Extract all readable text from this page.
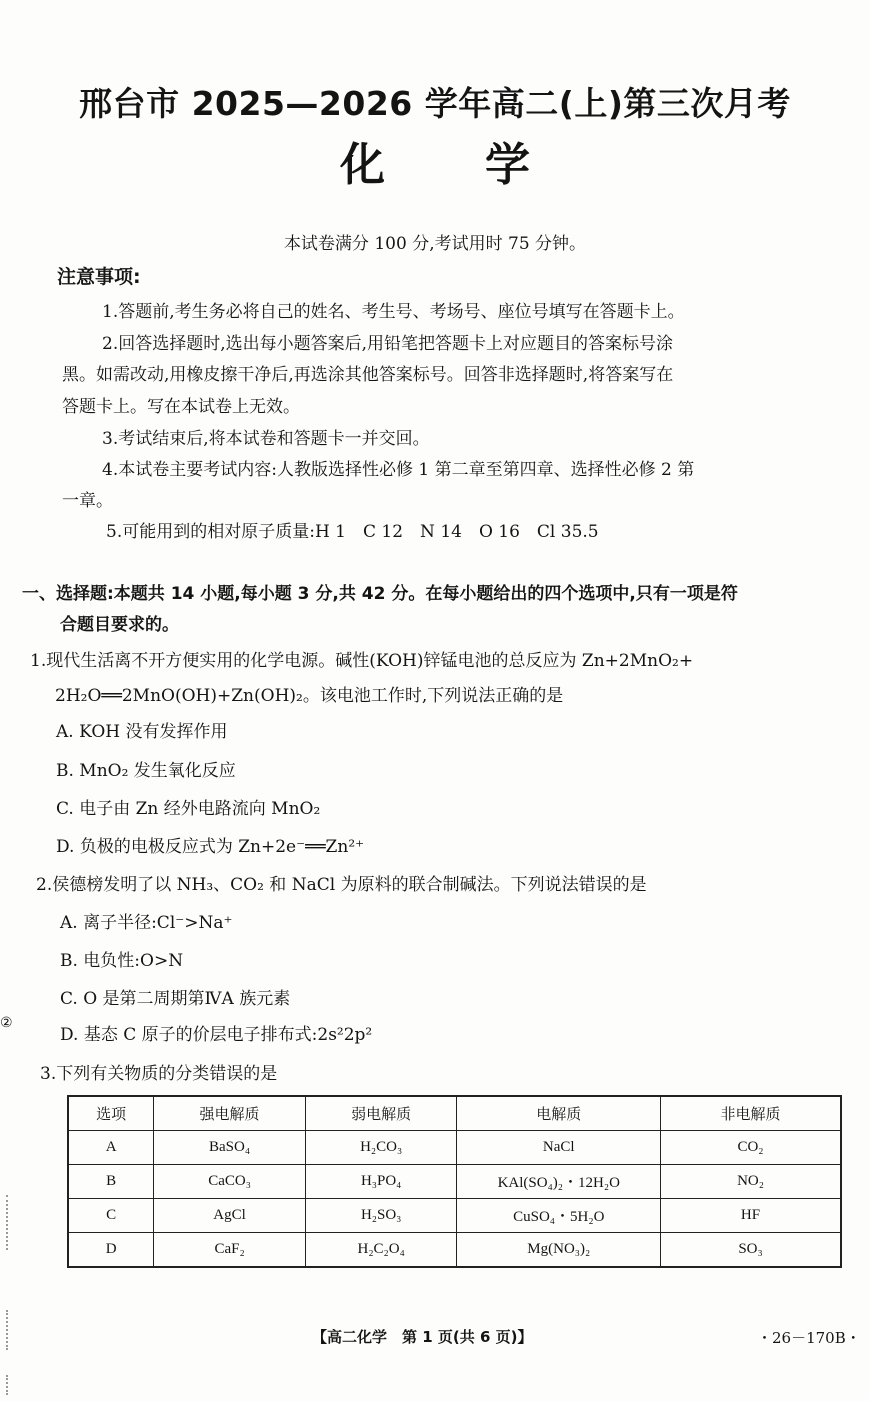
邢台市 2025—2026 学年高二(上)第三次月考
化学
本试卷满分 100 分,考试用时 75 分钟。
注意事项:
1.答题前,考生务必将自己的姓名、考生号、考场号、座位号填写在答题卡上。
2.回答选择题时,选出每小题答案后,用铅笔把答题卡上对应题目的答案标号涂
黑。如需改动,用橡皮擦干净后,再选涂其他答案标号。回答非选择题时,将答案写在
答题卡上。写在本试卷上无效。
3.考试结束后,将本试卷和答题卡一并交回。
4.本试卷主要考试内容:人教版选择性必修 1 第二章至第四章、选择性必修 2 第
一章。
5.可能用到的相对原子质量:H 1　C 12　N 14　O 16　Cl 35.5
一、选择题:本题共 14 小题,每小题 3 分,共 42 分。在每小题给出的四个选项中,只有一项是符
合题目要求的。
1.现代生活离不开方便实用的化学电源。碱性(KOH)锌锰电池的总反应为 Zn+2MnO₂+
2H₂O══2MnO(OH)+Zn(OH)₂。该电池工作时,下列说法正确的是
A. KOH 没有发挥作用
B. MnO₂ 发生氧化反应
C. 电子由 Zn 经外电路流向 MnO₂
D. 负极的电极反应式为 Zn+2e⁻══Zn²⁺
2.侯德榜发明了以 NH₃、CO₂ 和 NaCl 为原料的联合制碱法。下列说法错误的是
A. 离子半径:Cl⁻>Na⁺
B. 电负性:O>N
C. O 是第二周期第ⅣA 族元素
D. 基态 C 原子的价层电子排布式:2s²2p²
②
3.下列有关物质的分类错误的是
选项	强电解质	弱电解质	电解质	非电解质
A	BaSO₄	H₂CO₃	NaCl	CO₂
B	CaCO₃	H₃PO₄	KAl(SO₄)₂・12H₂O	NO₂
C	AgCl	H₂SO₃	CuSO₄・5H₂O	HF
D	CaF₂	H₂C₂O₄	Mg(NO₃)₂	SO₃
【高二化学　第 1 页(共 6 页)】	・26－170B・
